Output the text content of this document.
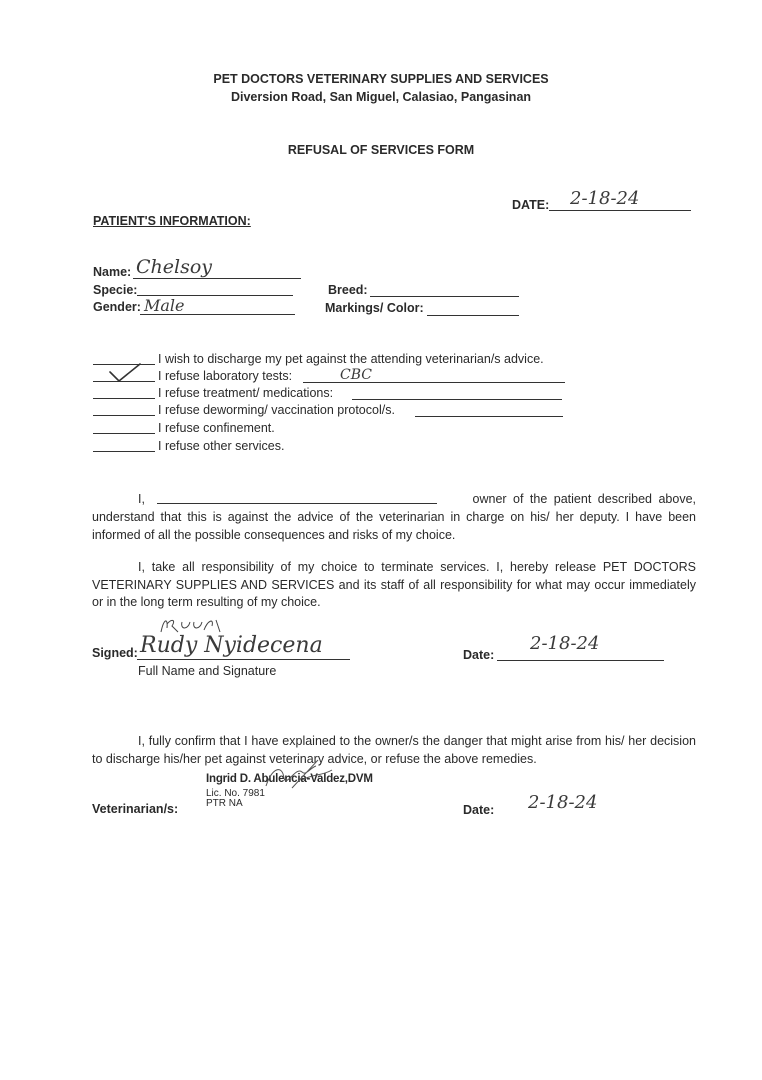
PET DOCTORS VETERINARY SUPPLIES AND SERVICES
Diversion Road, San Miguel, Calasiao, Pangasinan
REFUSAL OF SERVICES FORM
DATE: 2-18-24
PATIENT'S INFORMATION:
Name: Chelsoy
Specie:
Gender: Male
Breed:
Markings/ Color:
I wish to discharge my pet against the attending veterinarian/s advice.
I refuse laboratory tests:	CBC
I refuse treatment/ medications:
I refuse deworming/ vaccination protocol/s.
I refuse confinement.
I refuse other services.
I,	owner of the patient described above,
understand that this is against the advice of the veterinarian in charge on his/ her deputy. I have been informed of all the possible consequences and risks of my choice.
I, take all responsibility of my choice to terminate services. I, hereby release PET DOCTORS VETERINARY SUPPLIES AND SERVICES and its staff of all responsibility for what may occur immediately or in the long term resulting of my choice.
Signed: Rudy Nyidecena
Full Name and Signature
Date:
2-18-24
I, fully confirm that I have explained to the owner/s the danger that might arise from his/ her decision to discharge his/her pet against veterinary advice, or refuse the above remedies.
Ingrid D. Abulencia-Valdez,DVM
Lic. No. 7981
PTR NA
Veterinarian/s:	Date: 2-18-24
